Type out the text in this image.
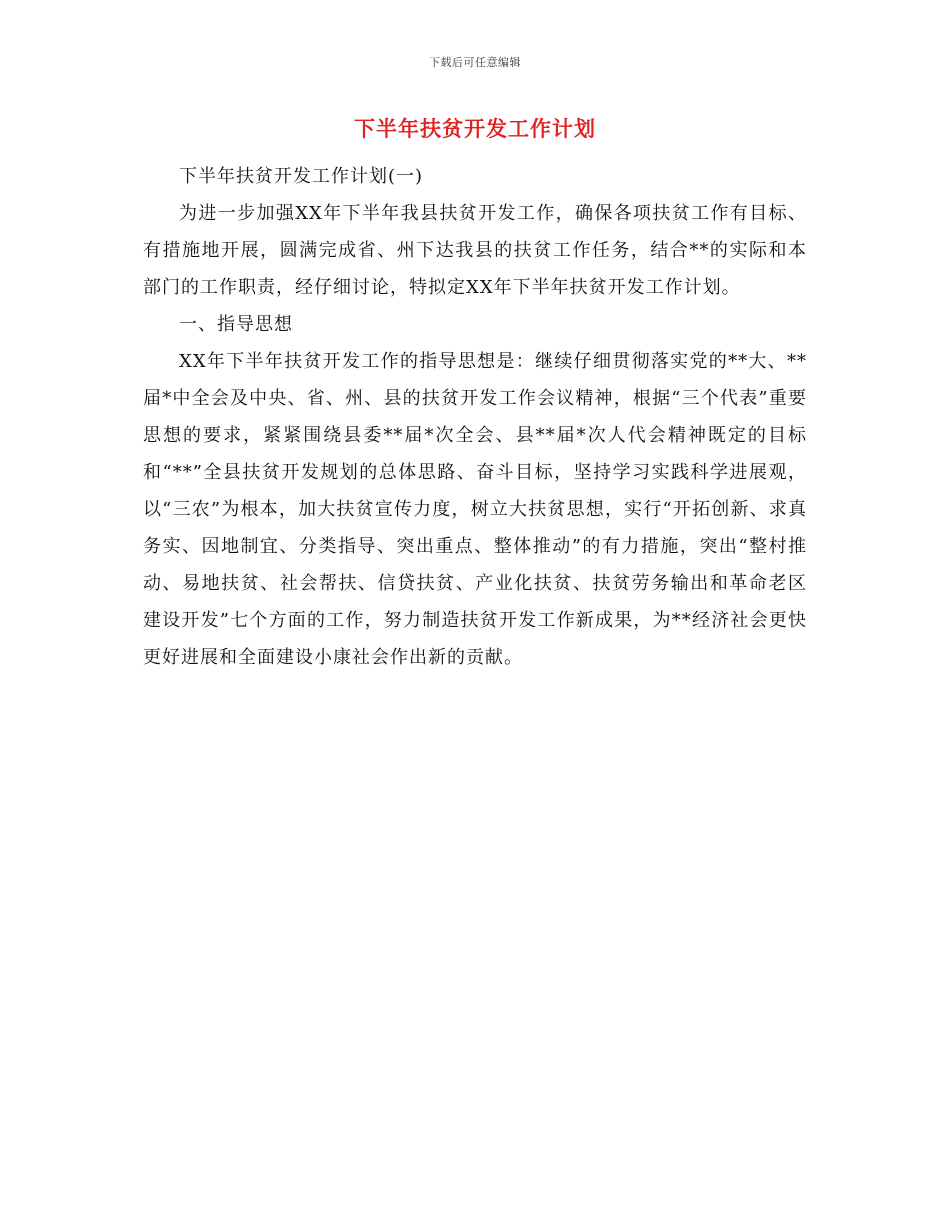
下载后可任意编辑
下半年扶贫开发工作计划

下半年扶贫开发工作计划(一)

为进一步加强XX年下半年我县扶贫开发工作，确保各项扶贫工作有目标、有措施地开展，圆满完成省、州下达我县的扶贫工作任务，结合**的实际和本部门的工作职责，经仔细讨论，特拟定XX年下半年扶贫开发工作计划。

一、指导思想

XX年下半年扶贫开发工作的指导思想是：继续仔细贯彻落实党的**大、**届*中全会及中央、省、州、县的扶贫开发工作会议精神，根据“三个代表”重要思想的要求，紧紧围绕县委**届*次全会、县**届*次人代会精神既定的目标和“**”全县扶贫开发规划的总体思路、奋斗目标，坚持学习实践科学进展观，以“三农”为根本，加大扶贫宣传力度，树立大扶贫思想，实行“开拓创新、求真务实、因地制宜、分类指导、突出重点、整体推动”的有力措施，突出“整村推动、易地扶贫、社会帮扶、信贷扶贫、产业化扶贫、扶贫劳务输出和革命老区建设开发”七个方面的工作，努力制造扶贫开发工作新成果，为**经济社会更快更好进展和全面建设小康社会作出新的贡献。
